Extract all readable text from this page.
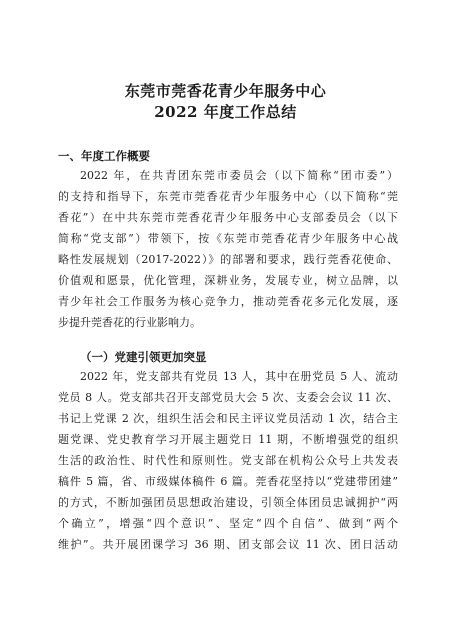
东莞市莞香花青少年服务中心
2022 年度工作总结
一、年度工作概要
2022 年，在共青团东莞市委员会（以下简称“团市委”）
的支持和指导下，东莞市莞香花青少年服务中心（以下简称“莞
香花”）在中共东莞市莞香花青少年服务中心支部委员会（以下
简称“党支部”）带领下，按《东莞市莞香花青少年服务中心战
略性发展规划（2017-2022）》的部署和要求，践行莞香花使命、
价值观和愿景，优化管理，深耕业务，发展专业，树立品牌，以
青少年社会工作服务为核心竞争力，推动莞香花多元化发展，逐
步提升莞香花的行业影响力。
（一）党建引领更加突显
2022 年，党支部共有党员 13 人，其中在册党员 5 人、流动
党员 8 人。党支部共召开支部党员大会 5 次、支委会会议 11 次、
书记上党课 2 次，组织生活会和民主评议党员活动 1 次，结合主
题党课、党史教育学习开展主题党日 11 期，不断增强党的组织
生活的政治性、时代性和原则性。党支部在机构公众号上共发表
稿件 5 篇，省、市级媒体稿件 6 篇。莞香花坚持以“党建带团建”
的方式，不断加强团员思想政治建设，引领全体团员忠诚拥护“两
个确立”，增强“四个意识”、坚定“四个自信”、做到“两个
维护”。共开展团课学习 36 期、团支部会议 11 次、团日活动
